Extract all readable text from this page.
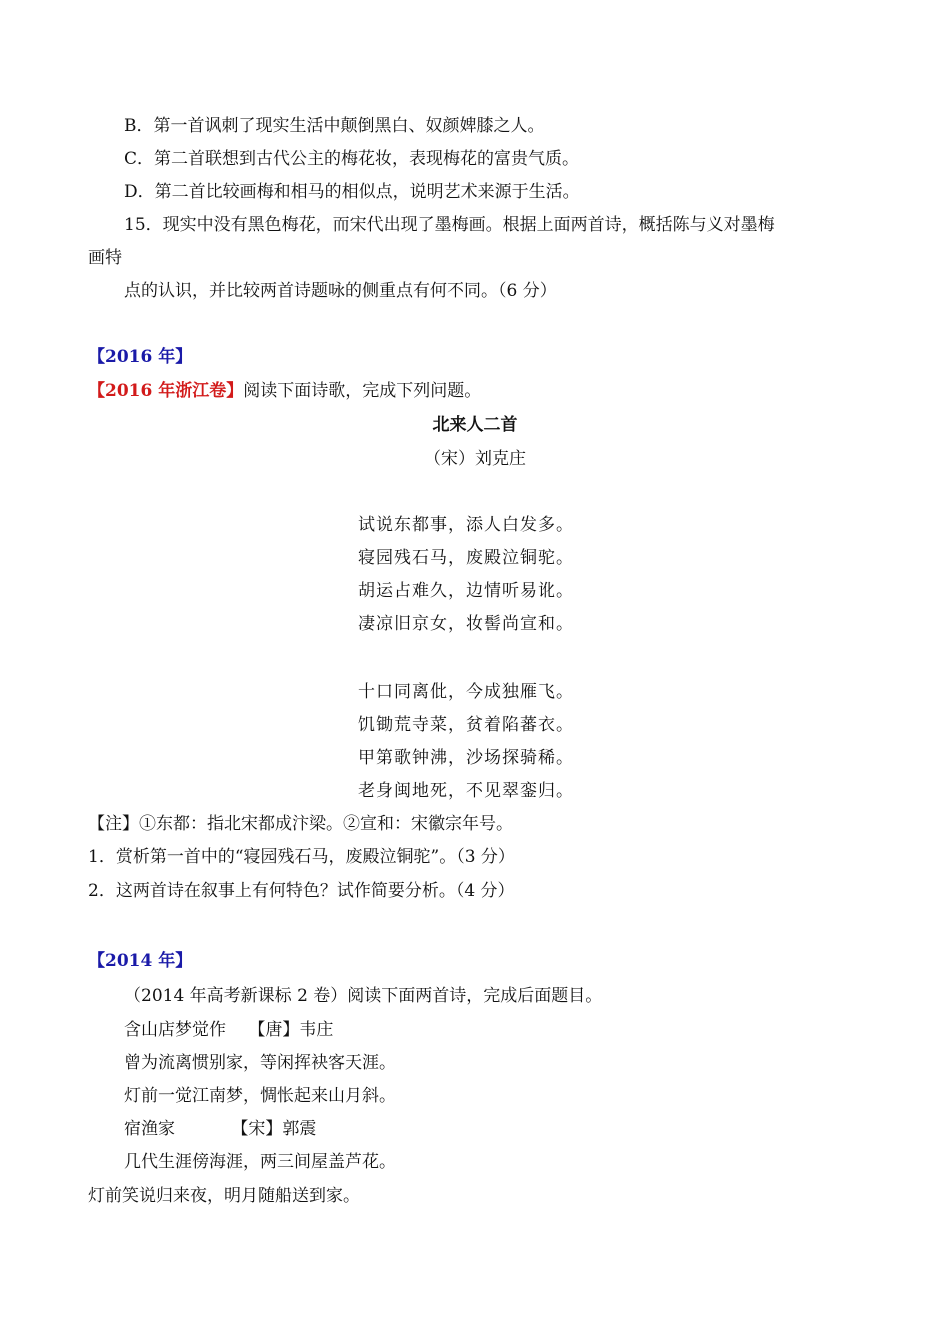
B．第一首讽刺了现实生活中颠倒黑白、奴颜婢膝之人。
C．第二首联想到古代公主的梅花妆，表现梅花的富贵气质。
D．第二首比较画梅和相马的相似点，说明艺术来源于生活。
15．现实中没有黑色梅花，而宋代出现了墨梅画。根据上面两首诗，概括陈与义对墨梅
画特
点的认识，并比较两首诗题咏的侧重点有何不同。（6 分）
【2016 年】
【2016 年浙江卷】阅读下面诗歌，完成下列问题。
北来人二首
（宋）刘克庄
试说东都事，添人白发多。
寝园残石马，废殿泣铜驼。
胡运占难久，边情听易讹。
凄凉旧京女，妆髻尚宣和。
十口同离仳，今成独雁飞。
饥锄荒寺菜，贫着陷蕃衣。
甲第歌钟沸，沙场探骑稀。
老身闽地死，不见翠銮归。
【注】①东都：指北宋都成汴梁。②宣和：宋徽宗年号。
1．赏析第一首中的“寝园残石马，废殿泣铜驼”。（3 分）
2．这两首诗在叙事上有何特色？试作简要分析。（4 分）
【2014 年】
（2014 年高考新课标 2 卷）阅读下面两首诗，完成后面题目。
含山店梦觉作　 【唐】韦庄
曾为流离惯别家，等闲挥袂客天涯。
灯前一觉江南梦，惆怅起来山月斜。
宿渔家　　　 【宋】郭震
几代生涯傍海涯，两三间屋盖芦花。
灯前笑说归来夜，明月随船送到家。
